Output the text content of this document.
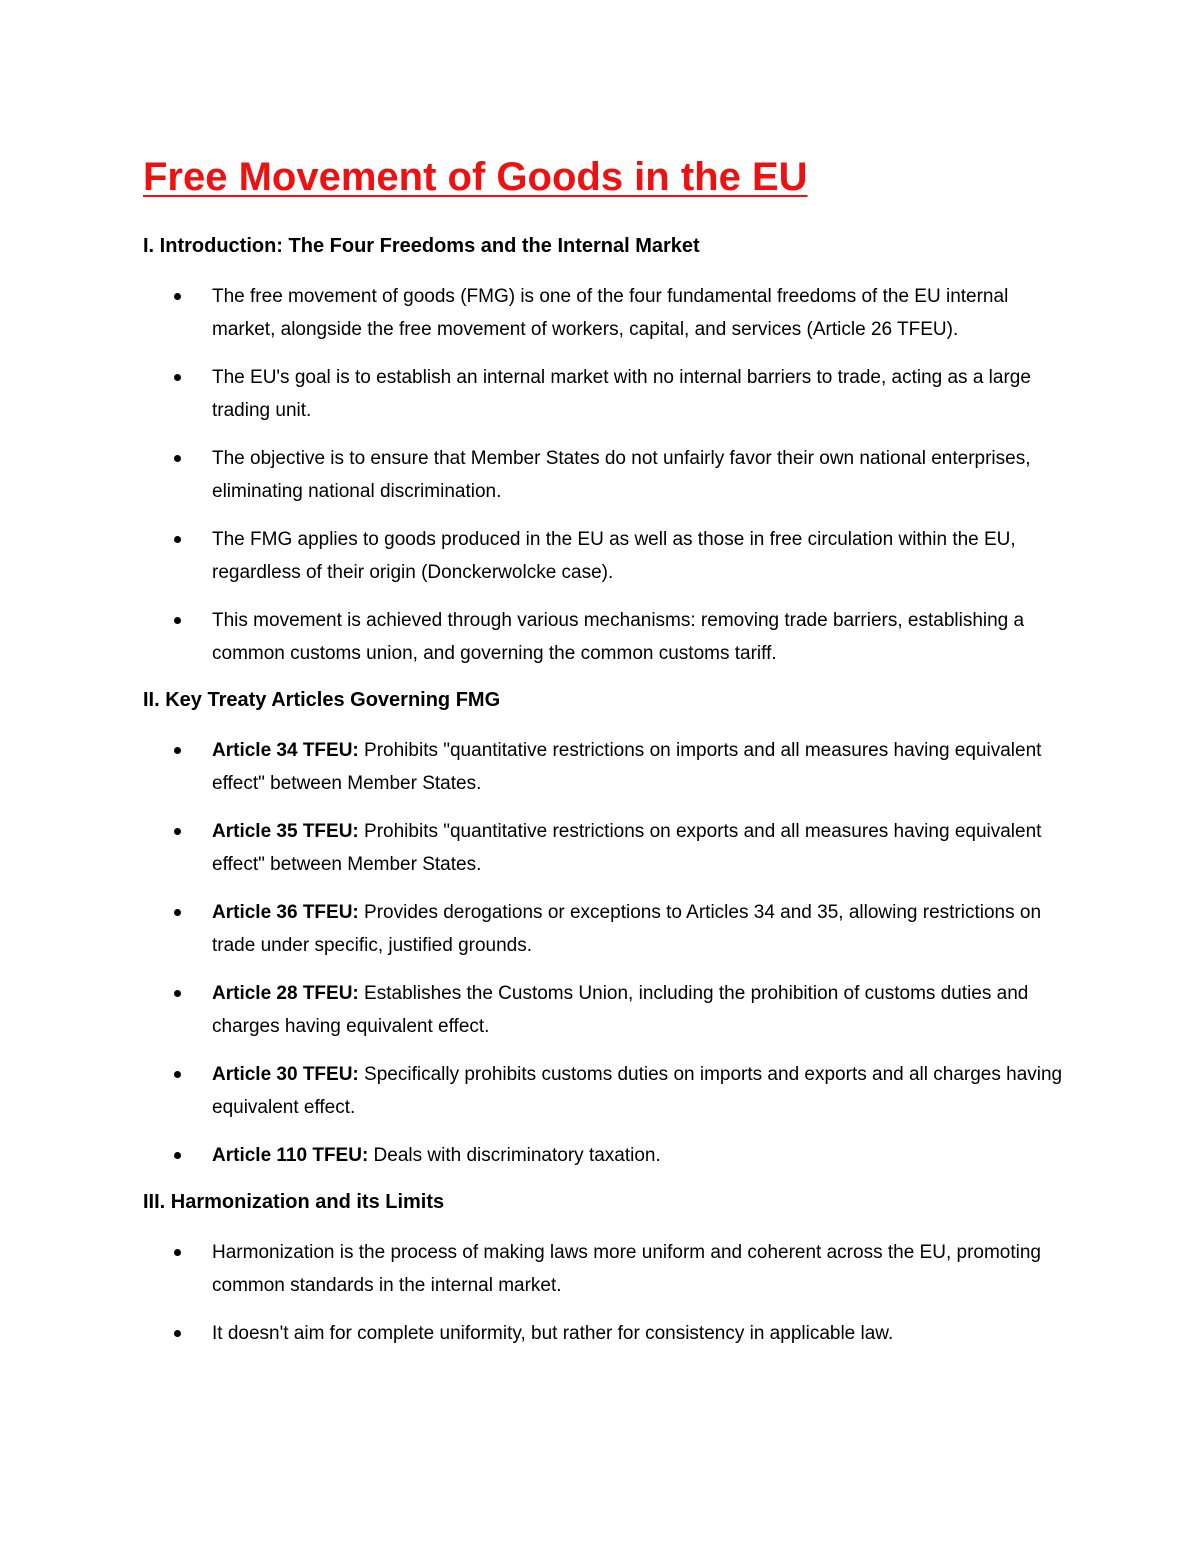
Free Movement of Goods in the EU
I. Introduction: The Four Freedoms and the Internal Market
The free movement of goods (FMG) is one of the four fundamental freedoms of the EU internal market, alongside the free movement of workers, capital, and services (Article 26 TFEU).
The EU's goal is to establish an internal market with no internal barriers to trade, acting as a large trading unit.
The objective is to ensure that Member States do not unfairly favor their own national enterprises, eliminating national discrimination.
The FMG applies to goods produced in the EU as well as those in free circulation within the EU, regardless of their origin (Donckerwolcke case).
This movement is achieved through various mechanisms: removing trade barriers, establishing a common customs union, and governing the common customs tariff.
II. Key Treaty Articles Governing FMG
Article 34 TFEU: Prohibits "quantitative restrictions on imports and all measures having equivalent effect" between Member States.
Article 35 TFEU: Prohibits "quantitative restrictions on exports and all measures having equivalent effect" between Member States.
Article 36 TFEU: Provides derogations or exceptions to Articles 34 and 35, allowing restrictions on trade under specific, justified grounds.
Article 28 TFEU: Establishes the Customs Union, including the prohibition of customs duties and charges having equivalent effect.
Article 30 TFEU: Specifically prohibits customs duties on imports and exports and all charges having equivalent effect.
Article 110 TFEU: Deals with discriminatory taxation.
III. Harmonization and its Limits
Harmonization is the process of making laws more uniform and coherent across the EU, promoting common standards in the internal market.
It doesn't aim for complete uniformity, but rather for consistency in applicable law.
